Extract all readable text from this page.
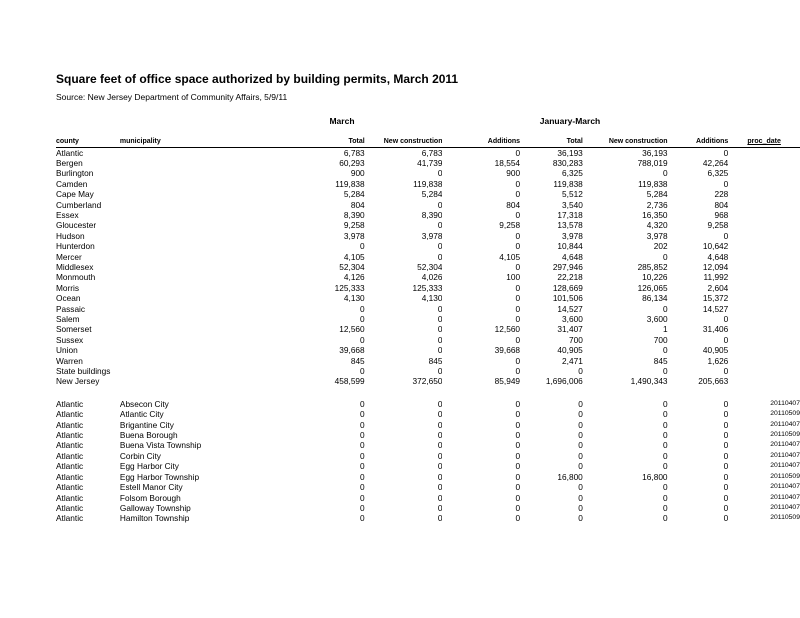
Square feet of office space authorized by building permits, March 2011
Source: New Jersey Department of Community Affairs, 5/9/11
March	January-March
county	municipality	Total	New construction	Additions	Total	New construction	Additions	proc_date
Atlantic		6,783	6,783	0	36,193	36,193	0	
Bergen		60,293	41,739	18,554	830,283	788,019	42,264	
Burlington		900	0	900	6,325	0	6,325	
Camden		119,838	119,838	0	119,838	119,838	0	
Cape May		5,284	5,284	0	5,512	5,284	228	
Cumberland		804	0	804	3,540	2,736	804	
Essex		8,390	8,390	0	17,318	16,350	968	
Gloucester		9,258	0	9,258	13,578	4,320	9,258	
Hudson		3,978	3,978	0	3,978	3,978	0	
Hunterdon		0	0	0	10,844	202	10,642	
Mercer		4,105	0	4,105	4,648	0	4,648	
Middlesex		52,304	52,304	0	297,946	285,852	12,094	
Monmouth		4,126	4,026	100	22,218	10,226	11,992	
Morris		125,333	125,333	0	128,669	126,065	2,604	
Ocean		4,130	4,130	0	101,506	86,134	15,372	
Passaic		0	0	0	14,527	0	14,527	
Salem		0	0	0	3,600	3,600	0	
Somerset		12,560	0	12,560	31,407	1	31,406	
Sussex		0	0	0	700	700	0	
Union		39,668	0	39,668	40,905	0	40,905	
Warren		845	845	0	2,471	845	1,626	
State buildings		0	0	0	0	0	0	
New Jersey		458,599	372,650	85,949	1,696,006	1,490,343	205,663	

Atlantic	Absecon City	0	0	0	0	0	0	20110407
Atlantic	Atlantic City	0	0	0	0	0	0	20110509
Atlantic	Brigantine City	0	0	0	0	0	0	20110407
Atlantic	Buena Borough	0	0	0	0	0	0	20110509
Atlantic	Buena Vista Township	0	0	0	0	0	0	20110407
Atlantic	Corbin City	0	0	0	0	0	0	20110407
Atlantic	Egg Harbor City	0	0	0	0	0	0	20110407
Atlantic	Egg Harbor Township	0	0	0	16,800	16,800	0	20110509
Atlantic	Estell Manor City	0	0	0	0	0	0	20110407
Atlantic	Folsom Borough	0	0	0	0	0	0	20110407
Atlantic	Galloway Township	0	0	0	0	0	0	20110407
Atlantic	Hamilton Township	0	0	0	0	0	0	20110509
